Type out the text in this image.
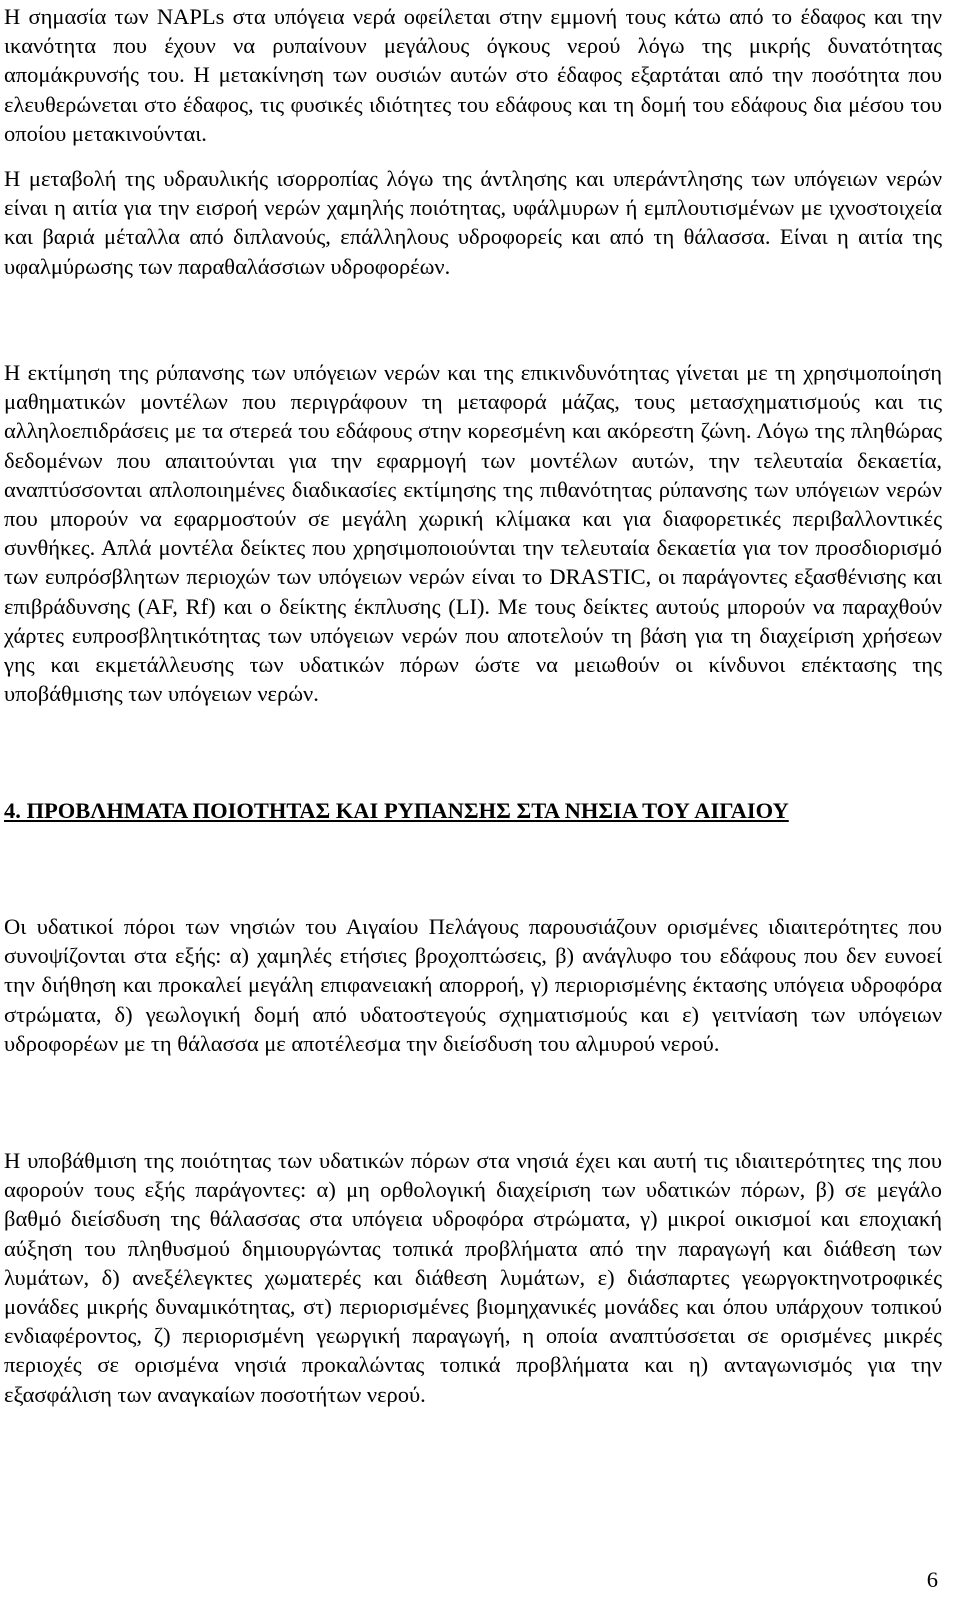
Η σημασία των NAPLs στα υπόγεια νερά οφείλεται στην εμμονή τους κάτω από το έδαφος και την ικανότητα που έχουν να ρυπαίνουν μεγάλους όγκους νερού λόγω της μικρής δυνατότητας απομάκρυνσής του. Η μετακίνηση των ουσιών αυτών στο έδαφος εξαρτάται από την ποσότητα που ελευθερώνεται στο έδαφος, τις φυσικές ιδιότητες του εδάφους και τη δομή του εδάφους δια μέσου του οποίου μετακινούνται.

Η μεταβολή της υδραυλικής ισορροπίας λόγω της άντλησης και υπεράντλησης των υπόγειων νερών είναι η αιτία για την εισροή νερών χαμηλής ποιότητας, υφάλμυρων ή εμπλουτισμένων με ιχνοστοιχεία και βαριά μέταλλα από διπλανούς, επάλληλους υδροφορείς και από τη θάλασσα. Είναι η αιτία της υφαλμύρωσης των παραθαλάσσιων υδροφορέων.

Η εκτίμηση της ρύπανσης των υπόγειων νερών και της επικινδυνότητας γίνεται με τη χρησιμοποίηση μαθηματικών μοντέλων που περιγράφουν τη μεταφορά μάζας, τους μετασχηματισμούς και τις αλληλοεπιδράσεις με τα στερεά του εδάφους στην κορεσμένη και ακόρεστη ζώνη. Λόγω της πληθώρας δεδομένων που απαιτούνται για την εφαρμογή των μοντέλων αυτών, την τελευταία δεκαετία, αναπτύσσονται απλοποιημένες διαδικασίες εκτίμησης της πιθανότητας ρύπανσης των υπόγειων νερών που μπορούν να εφαρμοστούν σε μεγάλη χωρική κλίμακα και για διαφορετικές περιβαλλοντικές συνθήκες. Απλά μοντέλα δείκτες που χρησιμοποιούνται την τελευταία δεκαετία για τον προσδιορισμό των ευπρόσβλητων περιοχών των υπόγειων νερών είναι το DRASTIC, οι παράγοντες εξασθένισης και επιβράδυνσης (AF, Rf) και ο δείκτης έκπλυσης (LI). Με τους δείκτες αυτούς μπορούν να παραχθούν χάρτες ευπροσβλητικότητας των υπόγειων νερών που αποτελούν τη βάση για τη διαχείριση χρήσεων γης και εκμετάλλευσης των υδατικών πόρων ώστε να μειωθούν οι κίνδυνοι επέκτασης της υποβάθμισης των υπόγειων νερών.

4. ΠΡΟΒΛΗΜΑΤΑ ΠΟΙΟΤΗΤΑΣ ΚΑΙ ΡΥΠΑΝΣΗΣ ΣΤΑ ΝΗΣΙΑ ΤΟΥ ΑΙΓΑΙΟΥ

Οι υδατικοί πόροι των νησιών του Αιγαίου Πελάγους παρουσιάζουν ορισμένες ιδιαιτερότητες που συνοψίζονται στα εξής: α) χαμηλές ετήσιες βροχοπτώσεις, β) ανάγλυφο του εδάφους που δεν ευνοεί την διήθηση και προκαλεί μεγάλη επιφανειακή απορροή, γ) περιορισμένης έκτασης υπόγεια υδροφόρα στρώματα, δ) γεωλογική δομή από υδατοστεγούς σχηματισμούς και ε) γειτνίαση των υπόγειων υδροφορέων με τη θάλασσα με αποτέλεσμα την διείσδυση του αλμυρού νερού.

Η υποβάθμιση της ποιότητας των υδατικών πόρων στα νησιά έχει και αυτή τις ιδιαιτερότητες της που αφορούν τους εξής παράγοντες: α) μη ορθολογική διαχείριση των υδατικών πόρων, β) σε μεγάλο βαθμό διείσδυση της θάλασσας στα υπόγεια υδροφόρα στρώματα, γ) μικροί οικισμοί και εποχιακή αύξηση του πληθυσμού δημιουργώντας τοπικά προβλήματα από την παραγωγή και διάθεση των λυμάτων, δ) ανεξέλεγκτες χωματερές και διάθεση λυμάτων, ε) διάσπαρτες γεωργοκτηνοτροφικές μονάδες μικρής δυναμικότητας, στ) περιορισμένες βιομηχανικές μονάδες και όπου υπάρχουν τοπικού ενδιαφέροντος, ζ) περιορισμένη γεωργική παραγωγή, η οποία αναπτύσσεται σε ορισμένες μικρές περιοχές σε ορισμένα νησιά προκαλώντας τοπικά προβλήματα και η) ανταγωνισμός για την εξασφάλιση των αναγκαίων ποσοτήτων νερού.

6
